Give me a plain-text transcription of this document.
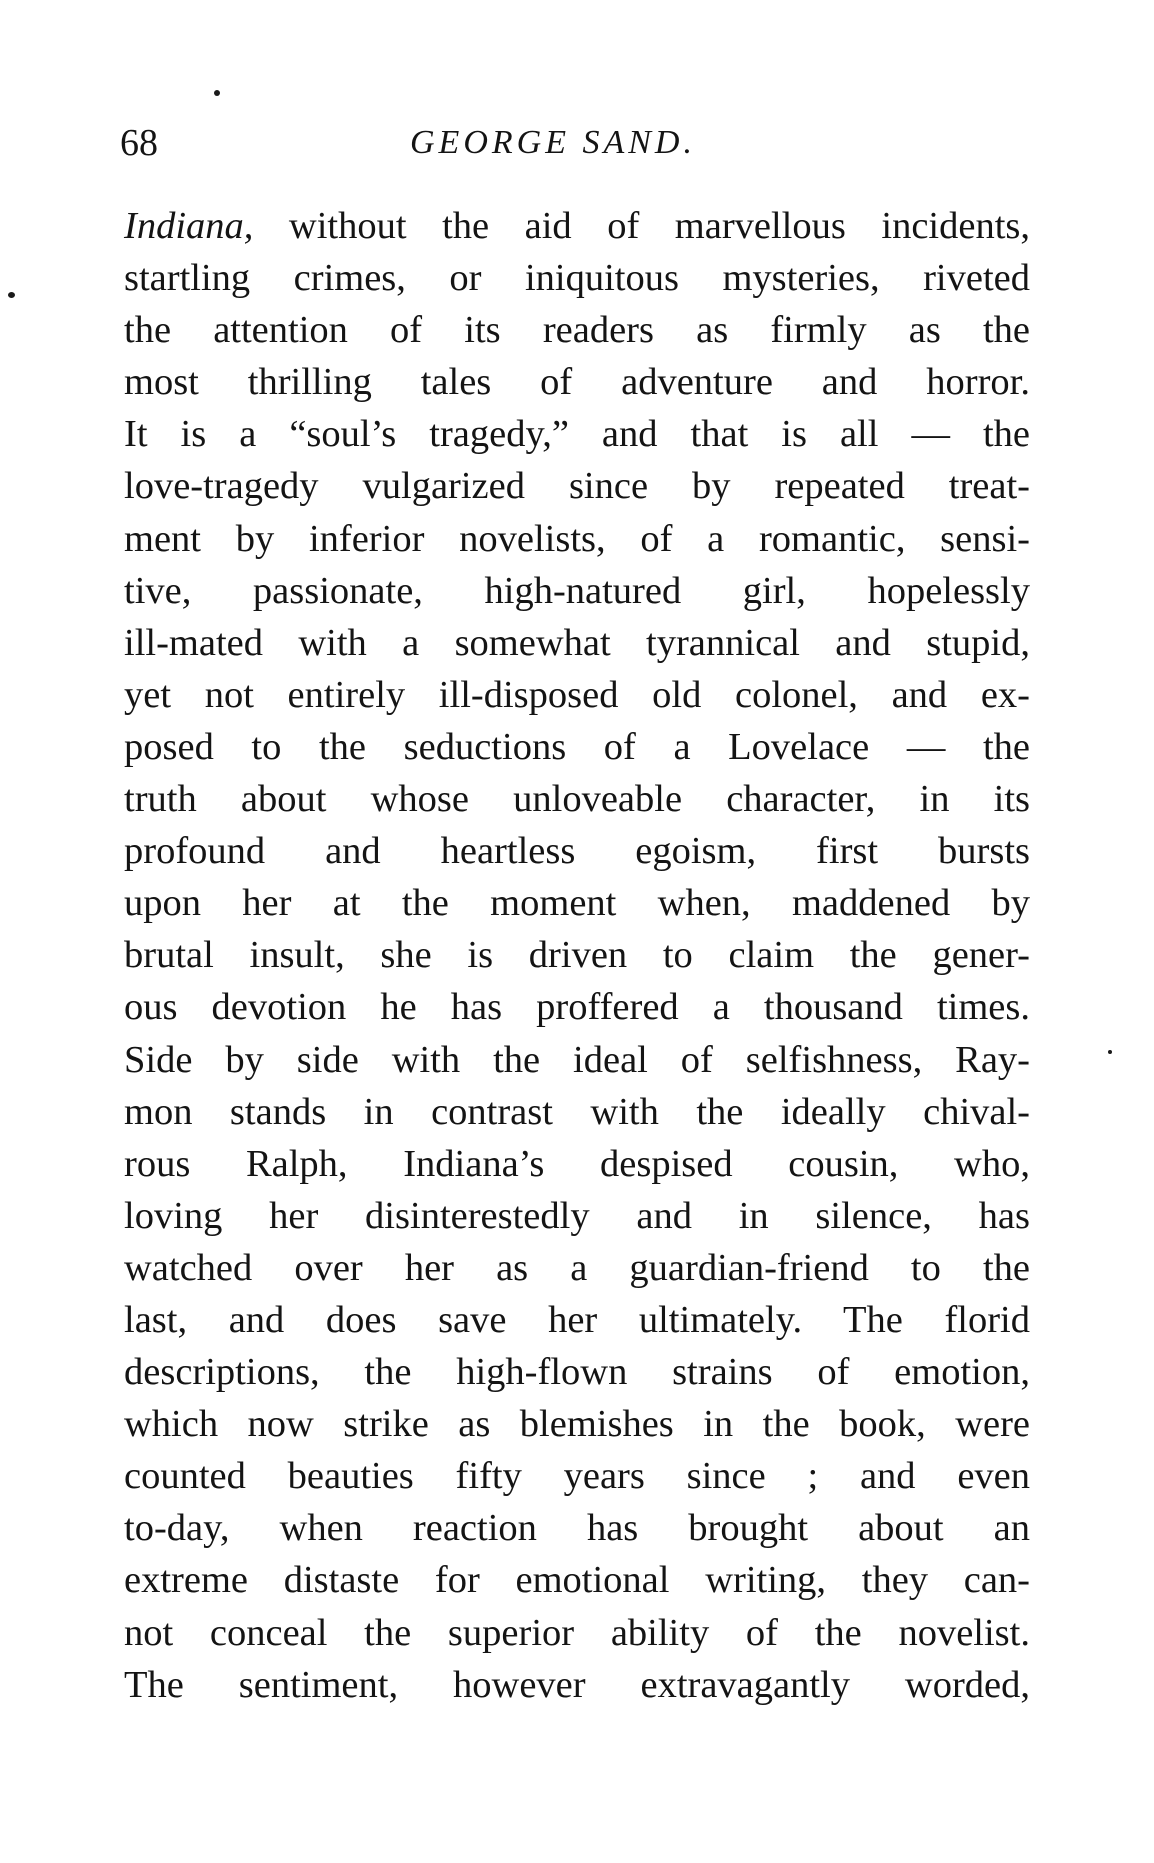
68	GEORGE SAND.
Indiana, without the aid of marvellous incidents,
startling crimes, or iniquitous mysteries, riveted
the attention of its readers as firmly as the
most thrilling tales of adventure and horror.
It is a “soul’s tragedy,” and that is all — the
love-tragedy vulgarized since by repeated treat-
ment by inferior novelists, of a romantic, sensi-
tive, passionate, high-natured girl, hopelessly
ill-mated with a somewhat tyrannical and stupid,
yet not entirely ill-disposed old colonel, and ex-
posed to the seductions of a Lovelace — the
truth about whose unloveable character, in its
profound and heartless egoism, first bursts
upon her at the moment when, maddened by
brutal insult, she is driven to claim the gener-
ous devotion he has proffered a thousand times.
Side by side with the ideal of selfishness, Ray-
mon stands in contrast with the ideally chival-
rous Ralph, Indiana’s despised cousin, who,
loving her disinterestedly and in silence, has
watched over her as a guardian-friend to the
last, and does save her ultimately. The florid
descriptions, the high-flown strains of emotion,
which now strike as blemishes in the book, were
counted beauties fifty years since ; and even
to-day, when reaction has brought about an
extreme distaste for emotional writing, they can-
not conceal the superior ability of the novelist.
The sentiment, however extravagantly worded,
